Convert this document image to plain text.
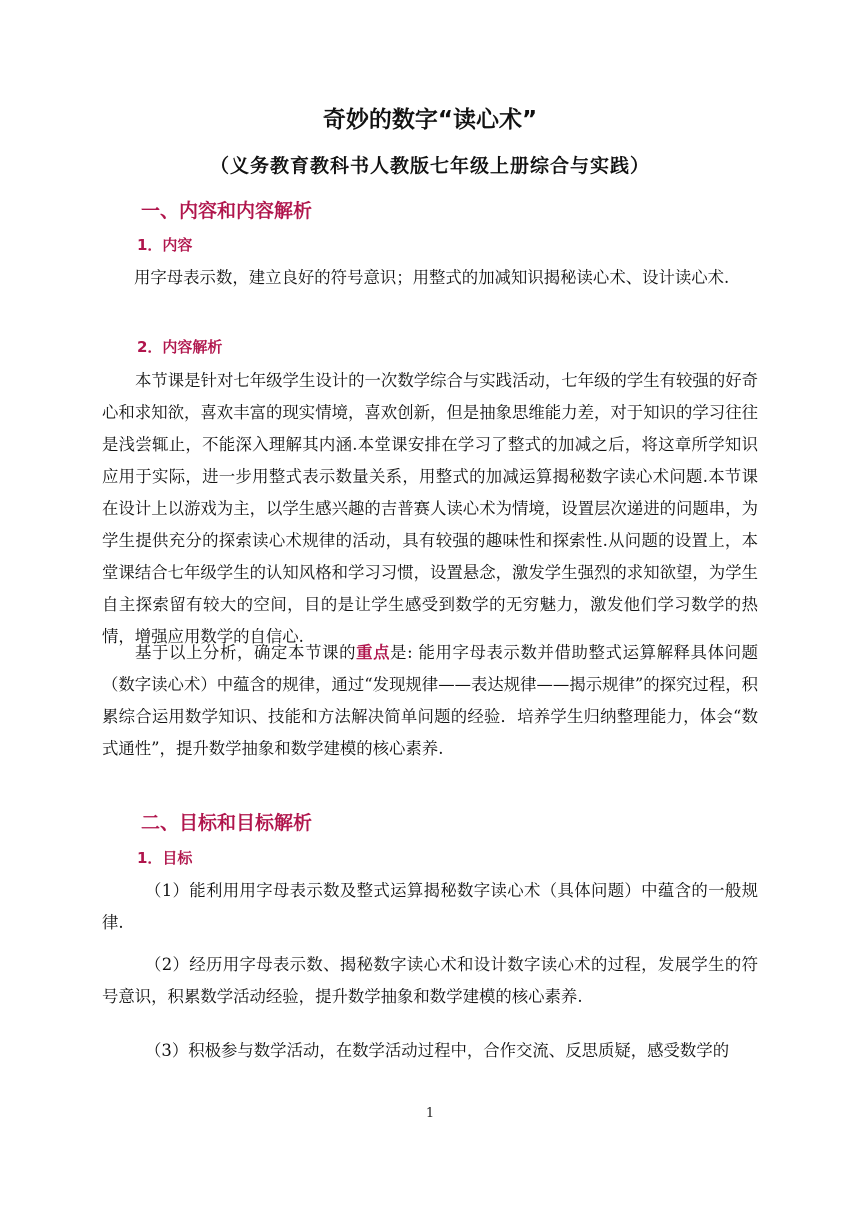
奇妙的数字“读心术”
（义务教育教科书人教版七年级上册综合与实践）
一、内容和内容解析
1．内容
用字母表示数，建立良好的符号意识；用整式的加减知识揭秘读心术、设计读心术.
2．内容解析
本节课是针对七年级学生设计的一次数学综合与实践活动，七年级的学生有较强的好奇心和求知欲，喜欢丰富的现实情境，喜欢创新，但是抽象思维能力差，对于知识的学习往往是浅尝辄止，不能深入理解其内涵.本堂课安排在学习了整式的加减之后，将这章所学知识应用于实际，进一步用整式表示数量关系，用整式的加减运算揭秘数字读心术问题.本节课在设计上以游戏为主，以学生感兴趣的吉普赛人读心术为情境，设置层次递进的问题串，为学生提供充分的探索读心术规律的活动，具有较强的趣味性和探索性.从问题的设置上，本堂课结合七年级学生的认知风格和学习习惯，设置悬念，激发学生强烈的求知欲望，为学生自主探索留有较大的空间，目的是让学生感受到数学的无穷魅力，激发他们学习数学的热情，增强应用数学的自信心.
基于以上分析，确定本节课的重点是: 能用字母表示数并借助整式运算解释具体问题（数字读心术）中蕴含的规律，通过“发现规律——表达规律——揭示规律”的探究过程，积累综合运用数学知识、技能和方法解决简单问题的经验．培养学生归纳整理能力，体会“数式通性”，提升数学抽象和数学建模的核心素养.
二、目标和目标解析
1．目标
（1）能利用用字母表示数及整式运算揭秘数字读心术（具体问题）中蕴含的一般规律.
（2）经历用字母表示数、揭秘数字读心术和设计数字读心术的过程，发展学生的符号意识，积累数学活动经验，提升数学抽象和数学建模的核心素养.
（3）积极参与数学活动，在数学活动过程中，合作交流、反思质疑，感受数学的
1
